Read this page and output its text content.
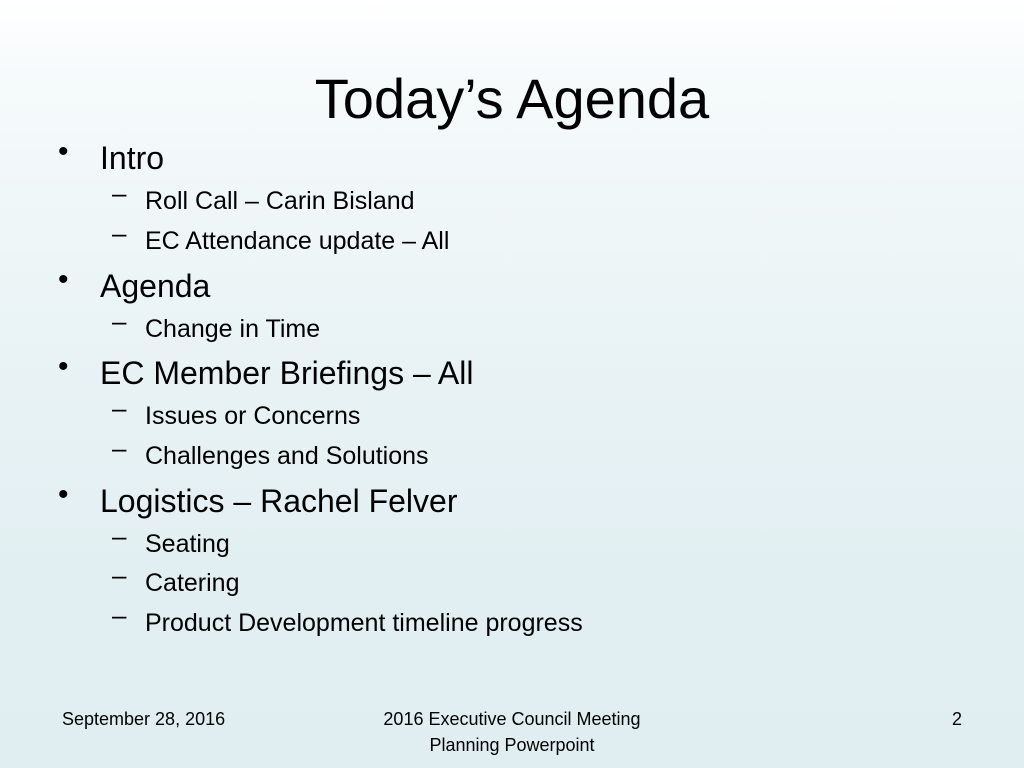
Today’s Agenda
• Intro
– Roll Call – Carin Bisland
– EC Attendance update – All
• Agenda
– Change in Time
• EC Member Briefings – All
– Issues or Concerns
– Challenges and Solutions
• Logistics – Rachel Felver
– Seating
– Catering
– Product Development timeline progress
September 28, 2016	2016 Executive Council Meeting
Planning Powerpoint
2
